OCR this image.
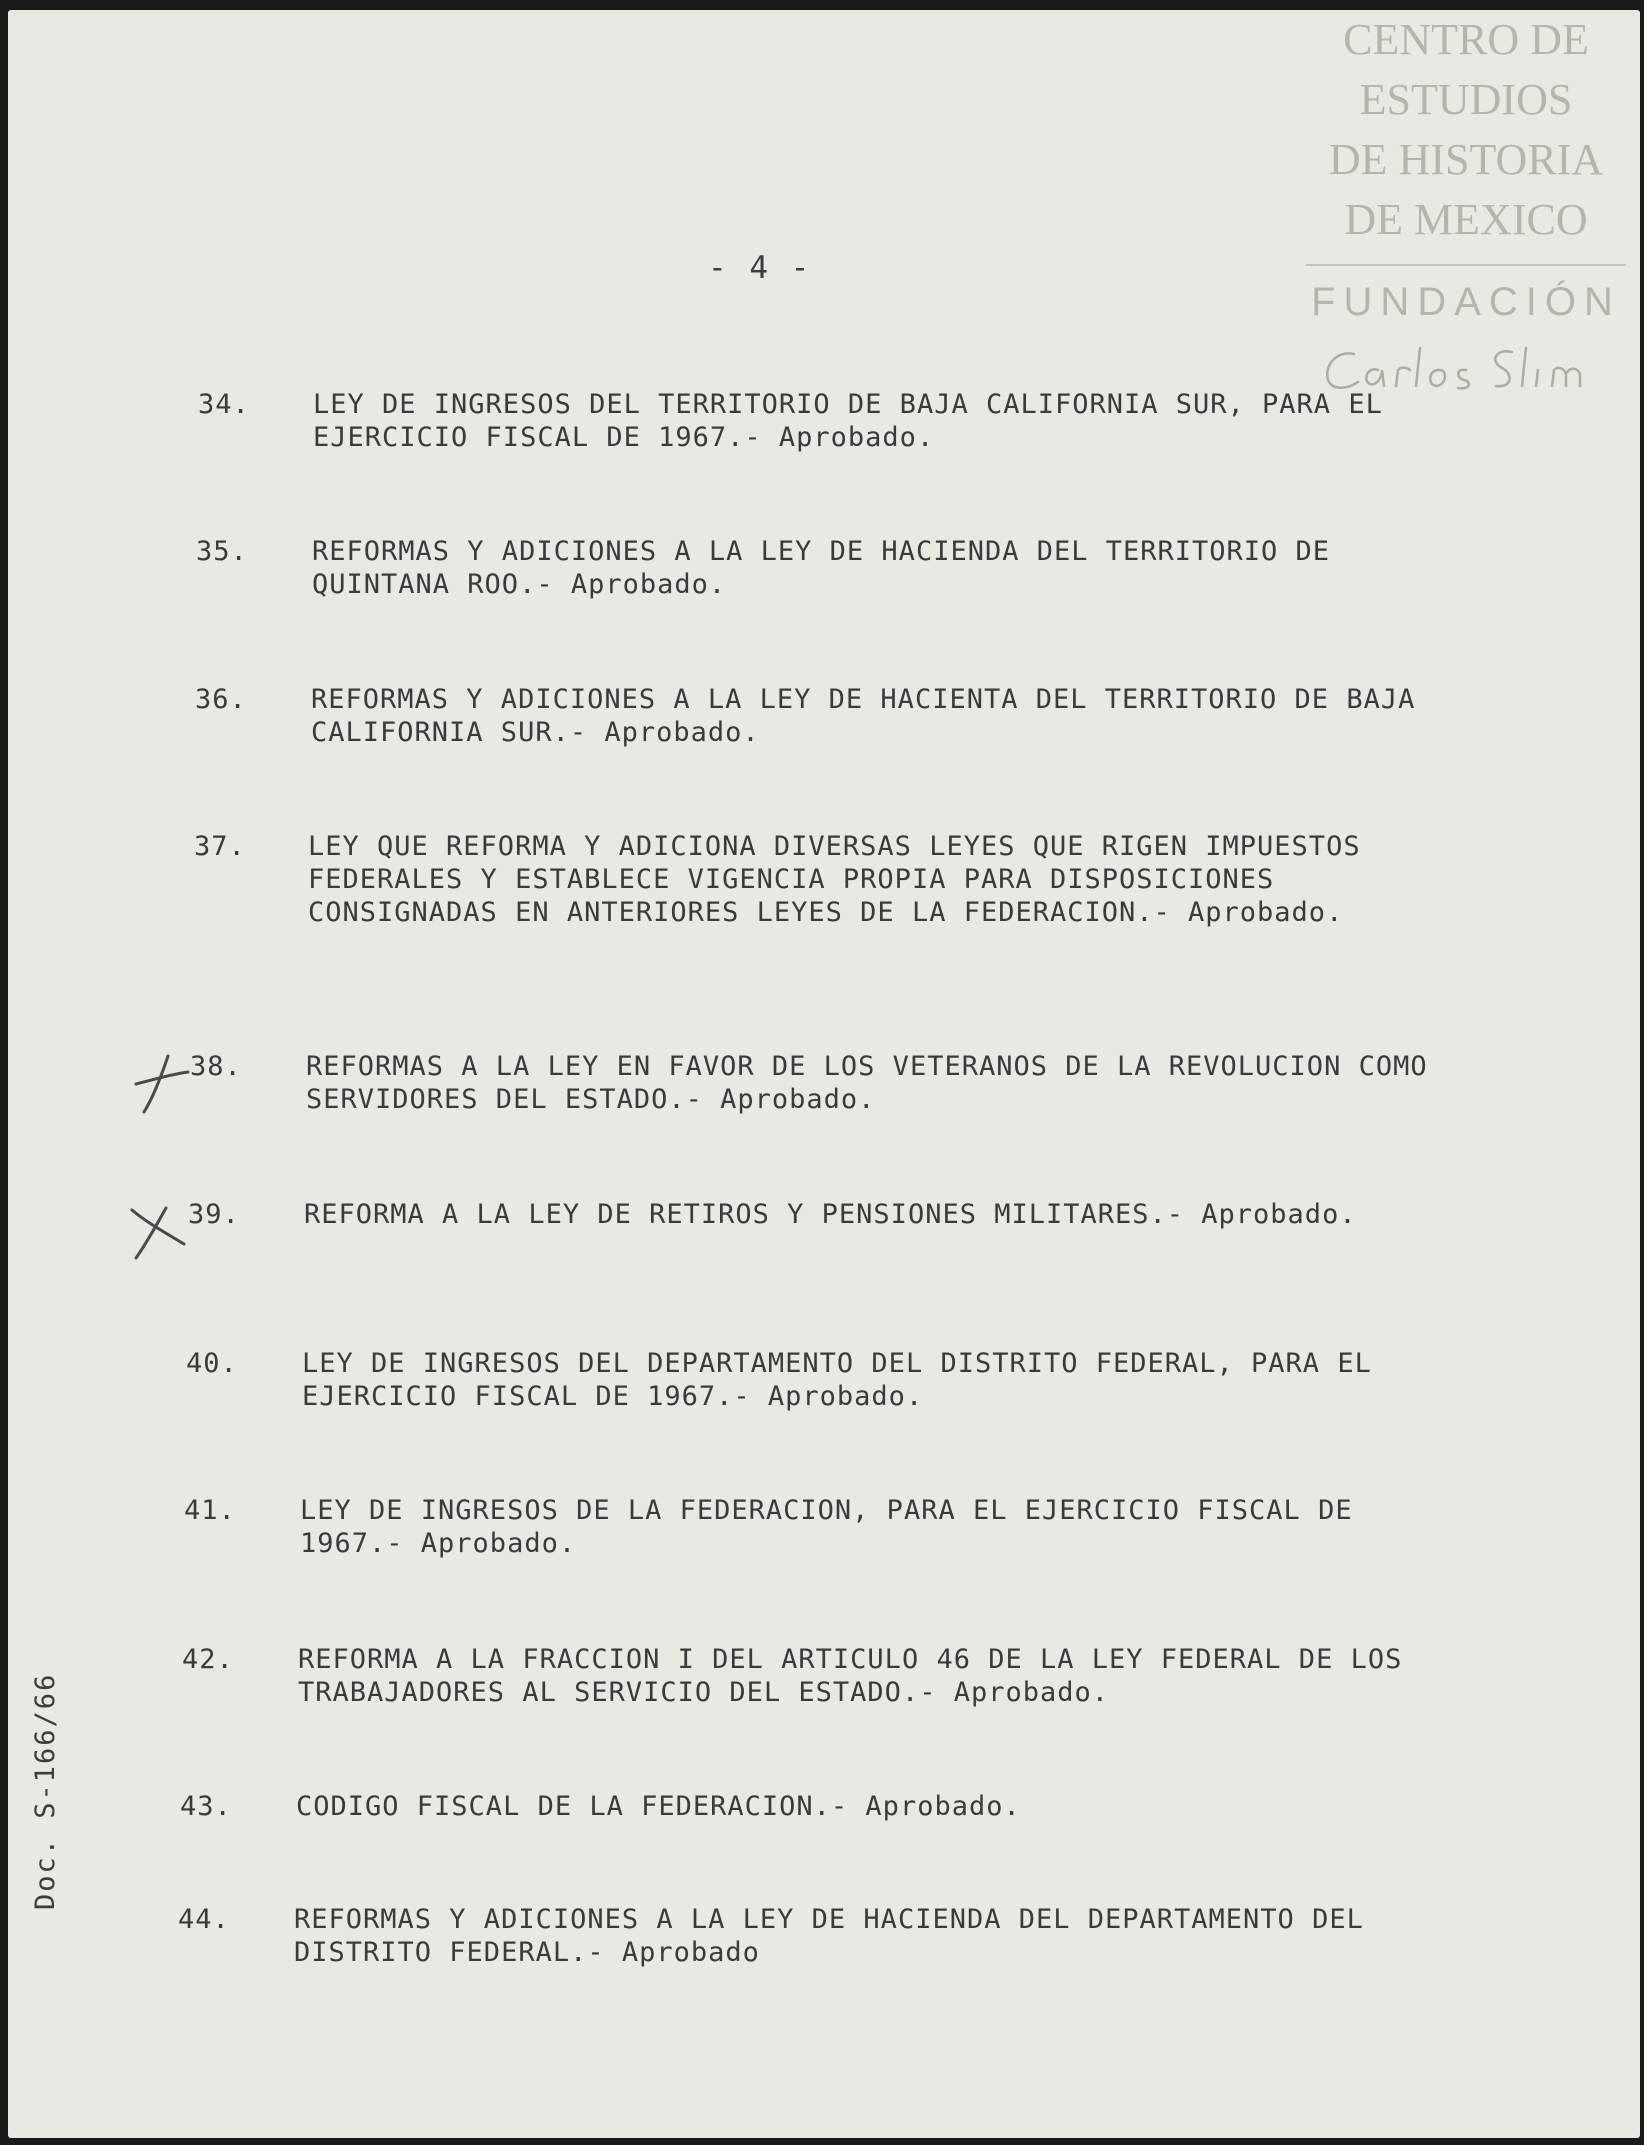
CENTRO DE
ESTUDIOS
DE HISTORIA
DE MEXICO
FUNDACIÓN
- 4 -
34. LEY DE INGRESOS DEL TERRITORIO DE BAJA CALIFORNIA SUR, PARA EL EJERCICIO FISCAL DE 1967.- Aprobado.
35. REFORMAS Y ADICIONES A LA LEY DE HACIENDA DEL TERRITORIO DE QUINTANA ROO.- Aprobado.
36. REFORMAS Y ADICIONES A LA LEY DE HACIENTA DEL TERRITORIO DE BAJA CALIFORNIA SUR.- Aprobado.
37. LEY QUE REFORMA Y ADICIONA DIVERSAS LEYES QUE RIGEN IMPUESTOS FEDERALES Y ESTABLECE VIGENCIA PROPIA PARA DISPOSICIONES CONSIGNADAS EN ANTERIORES LEYES DE LA FEDERACION.- Aprobado.
38. REFORMAS A LA LEY EN FAVOR DE LOS VETERANOS DE LA REVOLUCION COMO SERVIDORES DEL ESTADO.- Aprobado.
39. REFORMA A LA LEY DE RETIROS Y PENSIONES MILITARES.- Aprobado.
40. LEY DE INGRESOS DEL DEPARTAMENTO DEL DISTRITO FEDERAL, PARA EL EJERCICIO FISCAL DE 1967.- Aprobado.
41. LEY DE INGRESOS DE LA FEDERACION, PARA EL EJERCICIO FISCAL DE 1967.- Aprobado.
42. REFORMA A LA FRACCION I DEL ARTICULO 46 DE LA LEY FEDERAL DE LOS TRABAJADORES AL SERVICIO DEL ESTADO.- Aprobado.
43. CODIGO FISCAL DE LA FEDERACION.- Aprobado.
44. REFORMAS Y ADICIONES A LA LEY DE HACIENDA DEL DEPARTAMENTO DEL DISTRITO FEDERAL.- Aprobado
Doc. S-166/66
